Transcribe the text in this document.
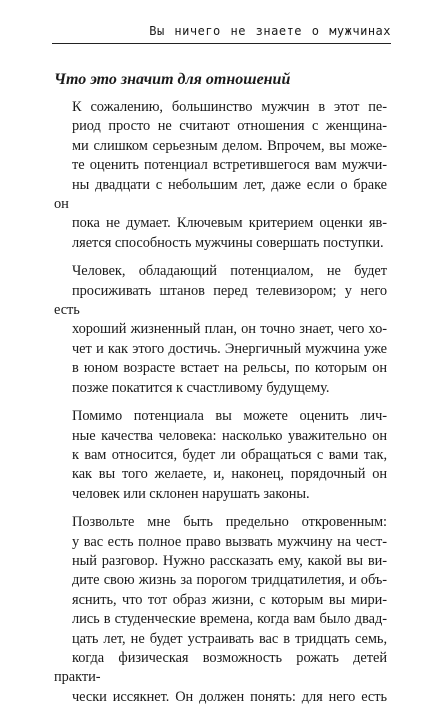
Вы ничего не знаете о мужчинах
Что это значит для отношений

К сожалению, большинство мужчин в этот пе-
риод просто не считают отношения с женщина-
ми слишком серьезным делом. Впрочем, вы може-
те оценить потенциал встретившегося вам мужчи-
ны двадцати с небольшим лет, даже если о браке он
пока не думает. Ключевым критерием оценки яв-
ляется способность мужчины совершать поступки.

Человек, обладающий потенциалом, не будет
просиживать штанов перед телевизором; у него есть
хороший жизненный план, он точно знает, чего хо-
чет и как этого достичь. Энергичный мужчина уже
в юном возрасте встает на рельсы, по которым он
позже покатится к счастливому будущему.

Помимо потенциала вы можете оценить лич-
ные качества человека: насколько уважительно он
к вам относится, будет ли обращаться с вами так,
как вы того желаете, и, наконец, порядочный он
человек или склонен нарушать законы.

Позвольте мне быть предельно откровенным:
у вас есть полное право вызвать мужчину на чест-
ный разговор. Нужно рассказать ему, какой вы ви-
дите свою жизнь за порогом тридцатилетия, и объ-
яснить, что тот образ жизни, с которым вы мири-
лись в студенческие времена, когда вам было двад-
цать лет, не будет устраивать вас в тридцать семь,
когда физическая возможность рожать детей практи-
чески иссякнет. Он должен понять: для него есть
